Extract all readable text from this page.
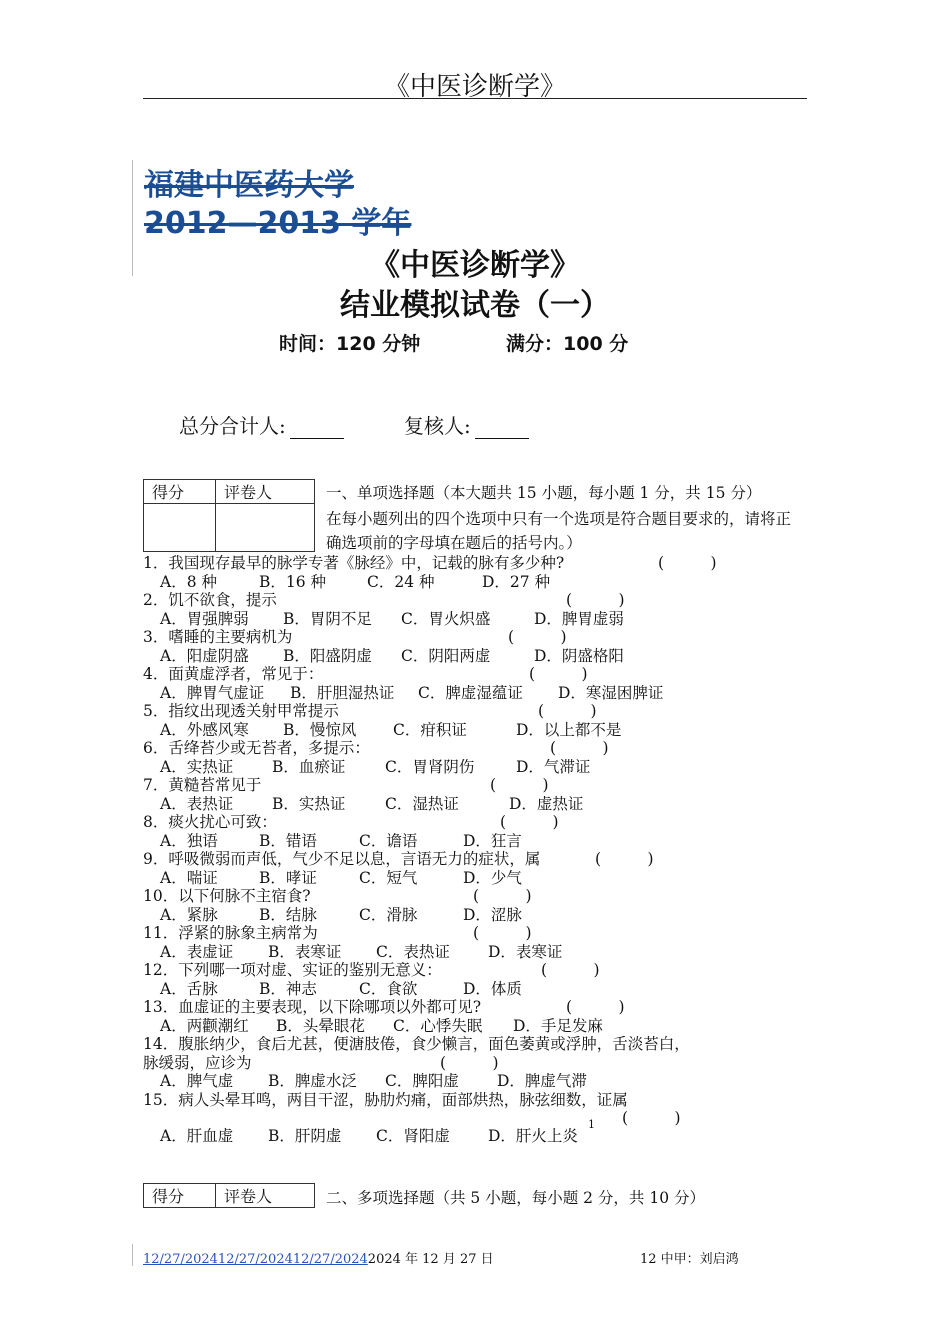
《中医诊断学》
福建中医药大学
2012—2013 学年
《中医诊断学》
结业模拟试卷（一）
时间：120 分钟	满分：100 分
总分合计人:	复核人:
得分	评卷人
		一、单项选择题（本大题共 15 小题，每小题 1 分，共 15 分）
在每小题列出的四个选项中只有一个选项是符合题目要求的，请将正
确选项前的字母填在题后的括号内。）
1．我国现存最早的脉学专著《脉经》中，记载的脉有多少种?	(　　　)
A．8 种	B．16 种	C．24 种	D．27 种
2．饥不欲食，提示	(　　　)
A．胃强脾弱 B．胃阴不足 C．胃火炽盛	D．脾胃虚弱
3．嗜睡的主要病机为	(　　　)
A．阳虚阴盛 B．阳盛阴虚 C．阴阳两虚	D．阴盛格阳
4．面黄虚浮者，常见于：	(　　　)
A．脾胃气虚证 B．肝胆湿热证 C．脾虚湿蕴证 D．寒湿困脾证
5．指纹出现透关射甲常提示	(　　　)
A．外感风寒 B．慢惊风 C．疳积证	D．以上都不是
6．舌绛苔少或无苔者，多提示：	(　　　)
A．实热证	B．血瘀证	C．胃肾阴伤	D．气滞证
7．黄糙苔常见于	(　　　)
A．表热证	B．实热证	C．湿热证	D．虚热证
8．痰火扰心可致：	(　　　)
A．独语	B．错语	C．谵语	D．狂言
9．呼吸微弱而声低，气少不足以息，言语无力的症状，属	(　　　)
A．喘证	B．哮证	C．短气	D．少气
10．以下何脉不主宿食?	(　　　)
A．紧脉	B．结脉	C．滑脉	D．涩脉
11．浮紧的脉象主病常为	(　　　)
A．表虚证 B．表寒证 C．表热证 D．表寒证
12．下列哪一项对虚、实证的鉴别无意义：	(　　　)
A．舌脉	B．神志	C．食欲	D．体质
13．血虚证的主要表现，以下除哪项以外都可见?	(　　　)
A．两颧潮红 B．头晕眼花 C．心悸失眠 D．手足发麻
14．腹胀纳少，食后尤甚，便溏肢倦，食少懒言，面色萎黄或浮肿，舌淡苔白，
脉缓弱，应诊为	(　　　)
A．脾气虚 B．脾虚水泛 C．脾阳虚 D．脾虚气滞
15．病人头晕耳鸣，两目干涩，胁肋灼痛，面部烘热，脉弦细数，证属
(　　　)
A．肝血虚 B．肝阴虚 C．肾阳虚 D．肝火上炎
1
得分	评卷人	二、多项选择题（共 5 小题，每小题 2 分，共 10 分）
12/27/202412/27/202412/27/20242024 年 12 月 27 日	12 中甲：刘启鸿
